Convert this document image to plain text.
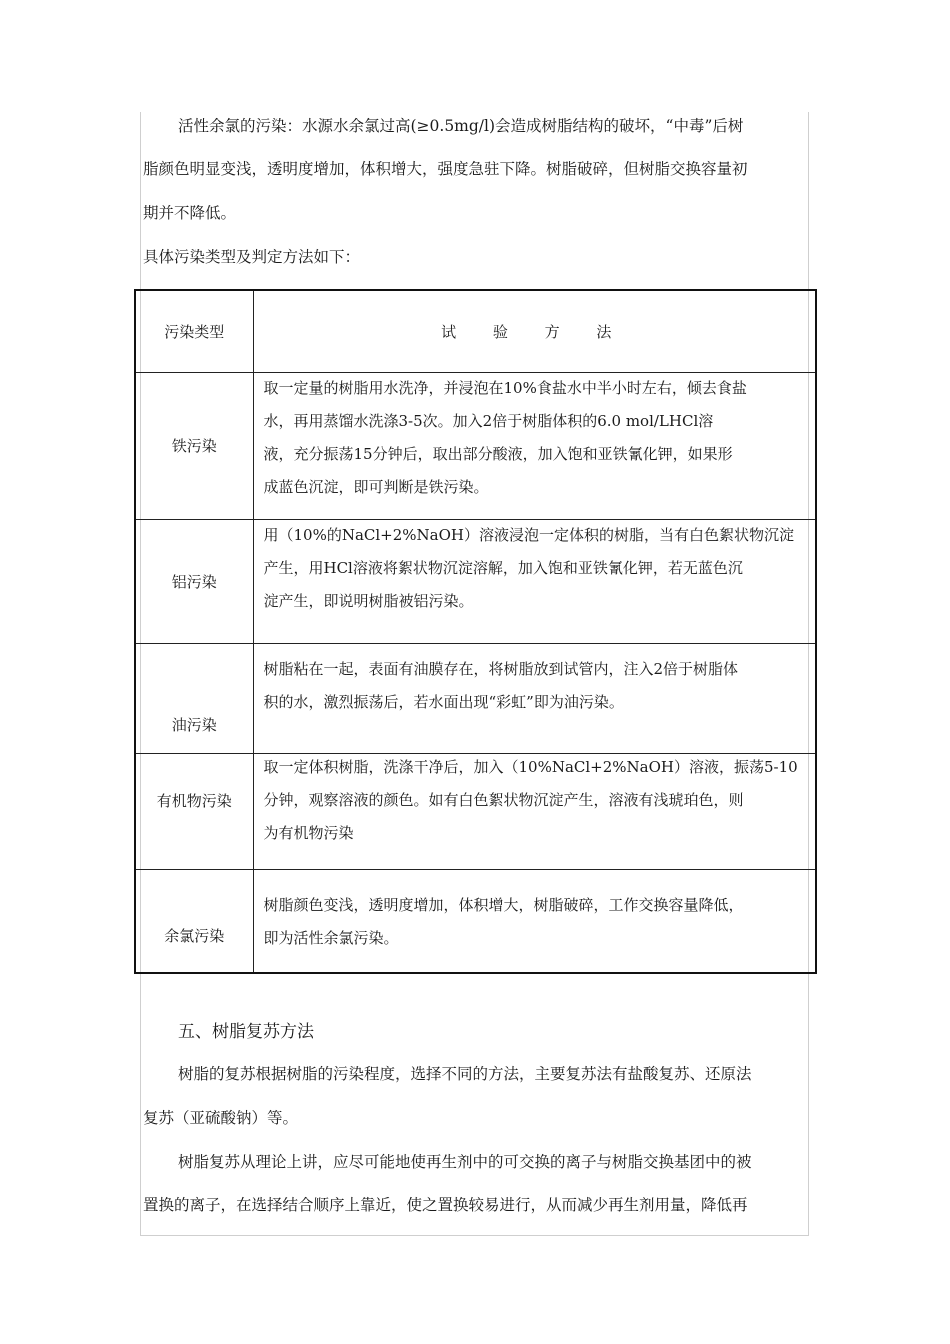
活性余氯的污染：水源水余氯过高(≥0.5mg/l)会造成树脂结构的破坏，“中毒”后树
脂颜色明显变浅，透明度增加，体积增大，强度急驻下降。树脂破碎，但树脂交换容量初
期并不降低。
具体污染类型及判定方法如下：
污染类型	试 验 方 法
铁污染	取一定量的树脂用水洗净，并浸泡在10%食盐水中半小时左右，倾去食盐
水，再用蒸馏水洗涤3-5次。加入2倍于树脂体积的6.0 mol/LHCl溶
液，充分振荡15分钟后，取出部分酸液，加入饱和亚铁氰化钾，如果形
成蓝色沉淀，即可判断是铁污染。

铝污染	用（10%的NaCl+2%NaOH）溶液浸泡一定体积的树脂，当有白色絮状物沉淀
产生，用HCl溶液将絮状物沉淀溶解，加入饱和亚铁氰化钾，若无蓝色沉
淀产生，即说明树脂被铝污染。

油污染	树脂粘在一起，表面有油膜存在，将树脂放到试管内，注入2倍于树脂体
积的水，激烈振荡后，若水面出现“彩虹”即为油污染。

有机物污染	取一定体积树脂，洗涤干净后，加入（10%NaCl+2%NaOH）溶液，振荡5-10
分钟，观察溶液的颜色。如有白色絮状物沉淀产生，溶液有浅琥珀色，则
为有机物污染

余氯污染	树脂颜色变浅，透明度增加，体积增大，树脂破碎，工作交换容量降低，
即为活性余氯污染。
五、树脂复苏方法
树脂的复苏根据树脂的污染程度，选择不同的方法，主要复苏法有盐酸复苏、还原法
复苏（亚硫酸钠）等。
树脂复苏从理论上讲，应尽可能地使再生剂中的可交换的离子与树脂交换基团中的被
置换的离子，在选择结合顺序上靠近，使之置换较易进行，从而减少再生剂用量，降低再
